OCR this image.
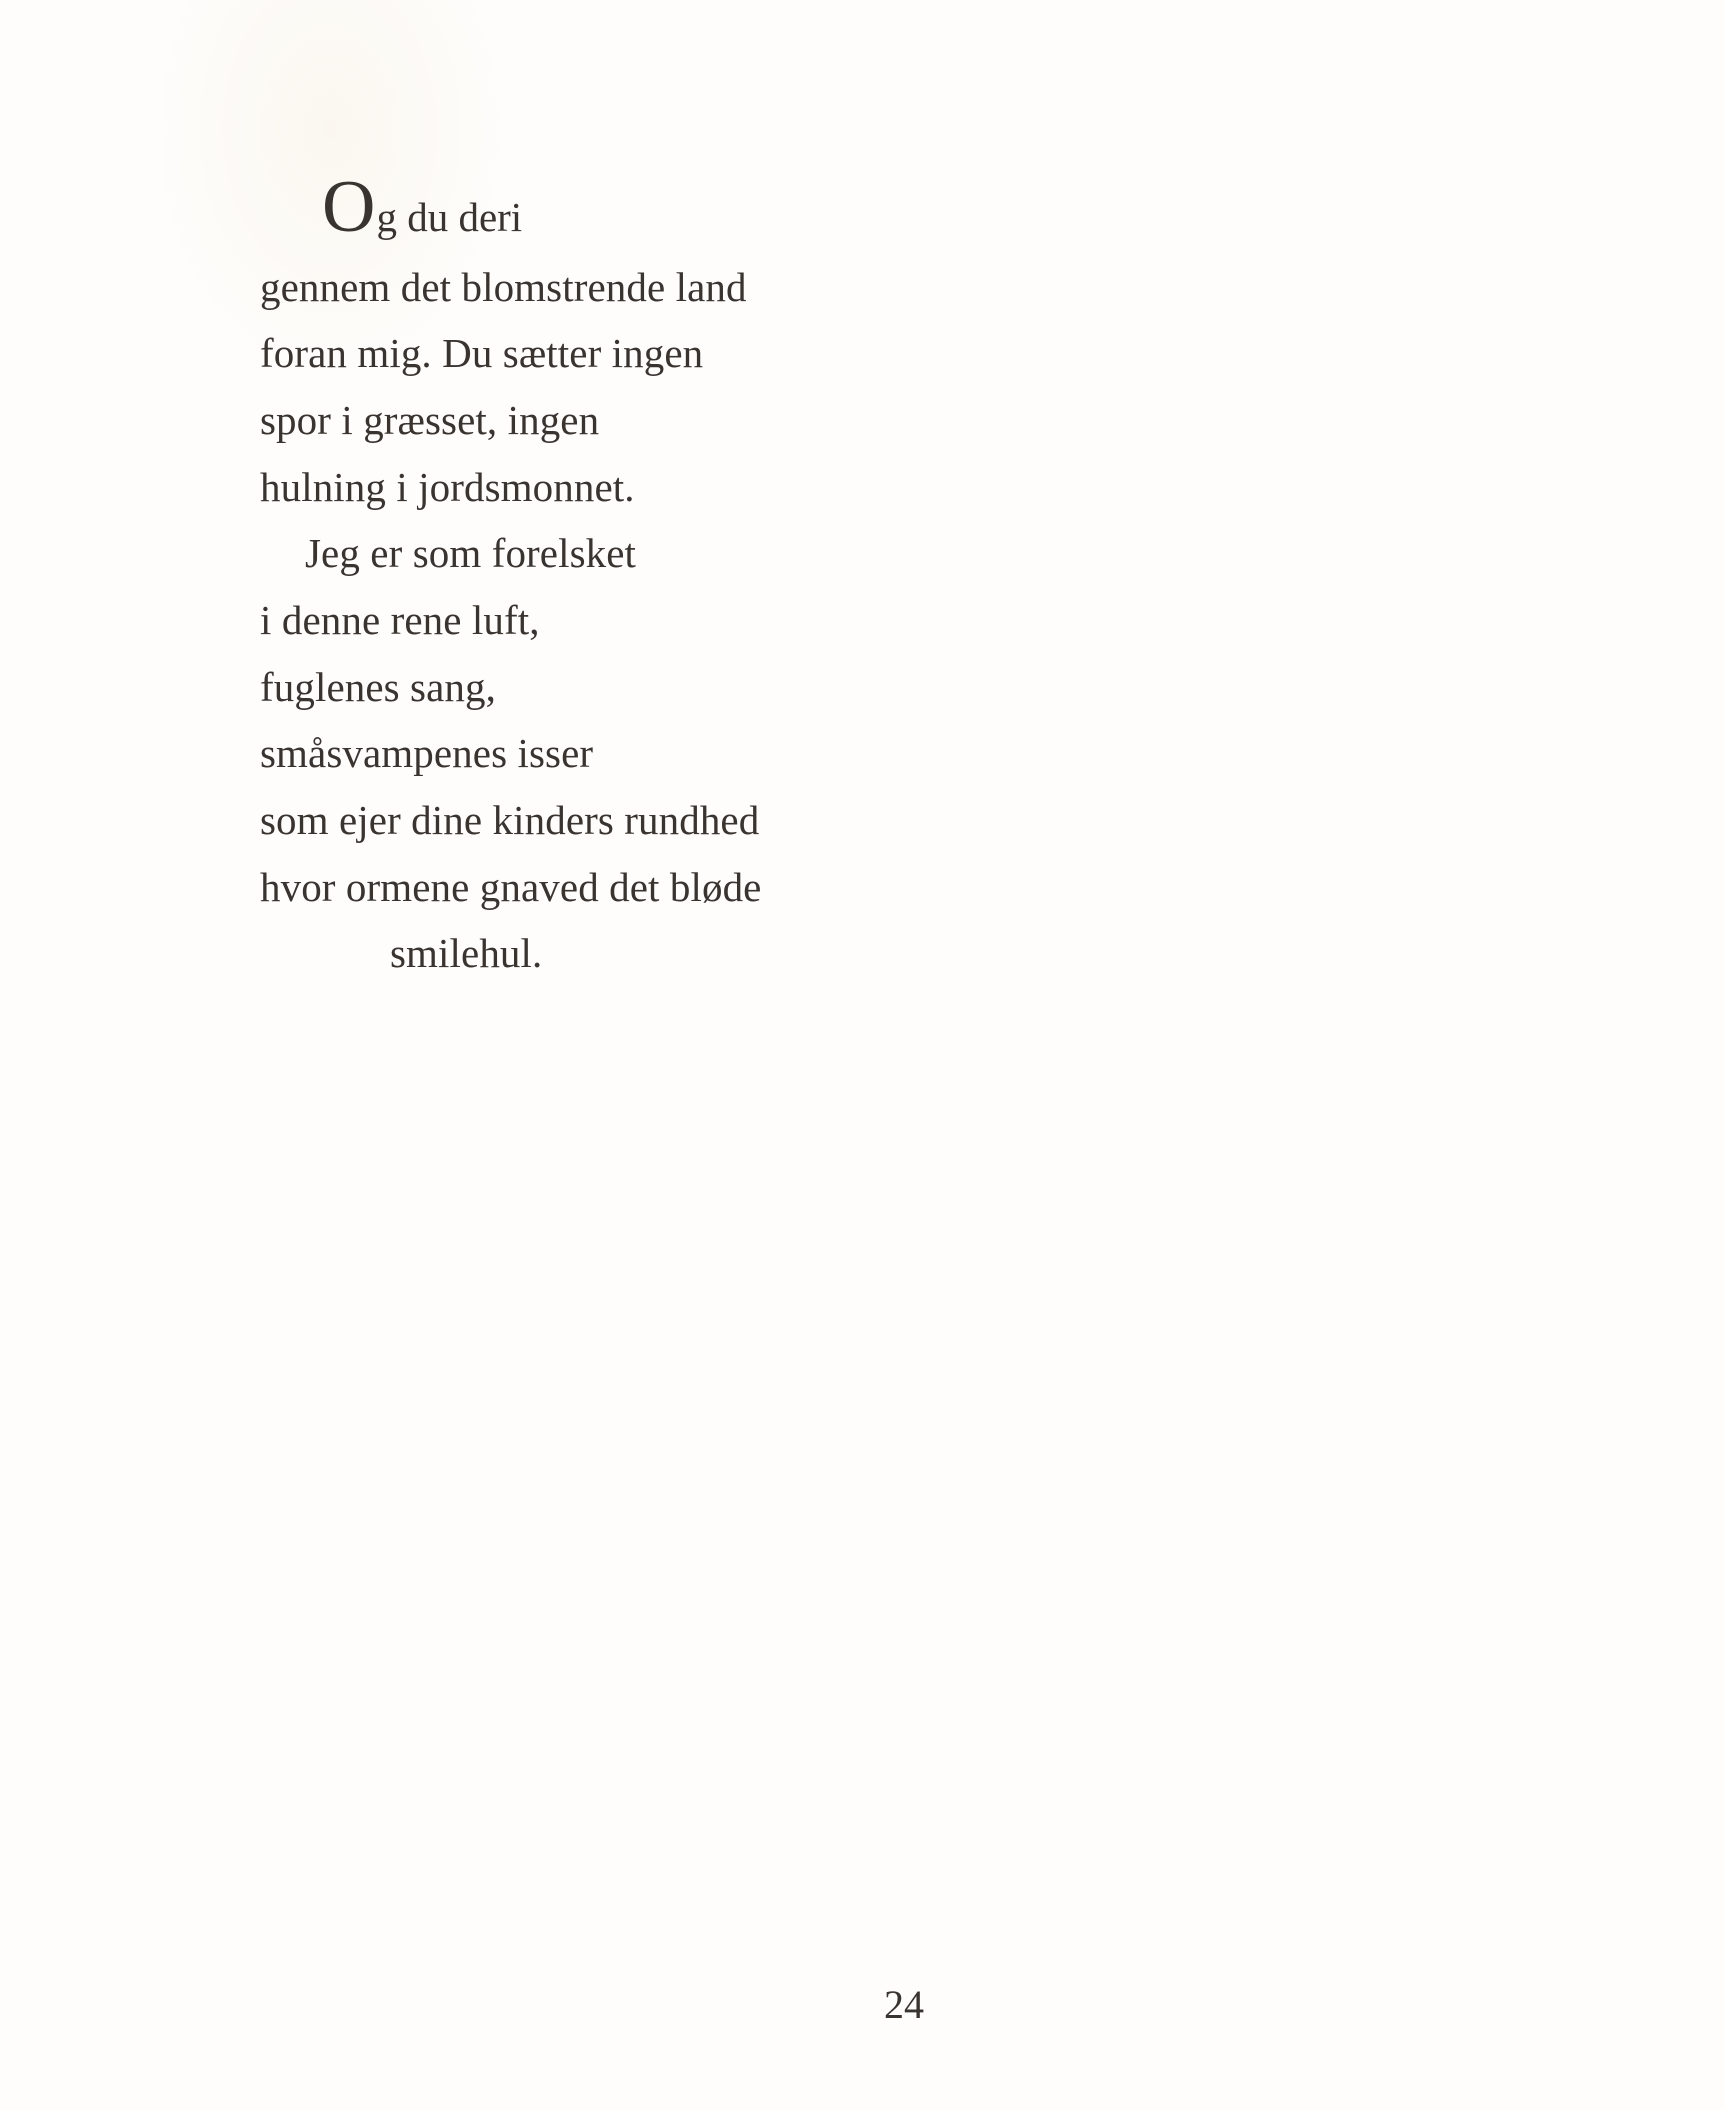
Og du deri
gennem det blomstrende land
foran mig. Du sætter ingen
spor i græsset, ingen
hulning i jordsmonnet.
Jeg er som forelsket
i denne rene luft,
fuglenes sang,
småsvampenes isser
som ejer dine kinders rundhed
hvor ormene gnaved det bløde
smilehul.
24
